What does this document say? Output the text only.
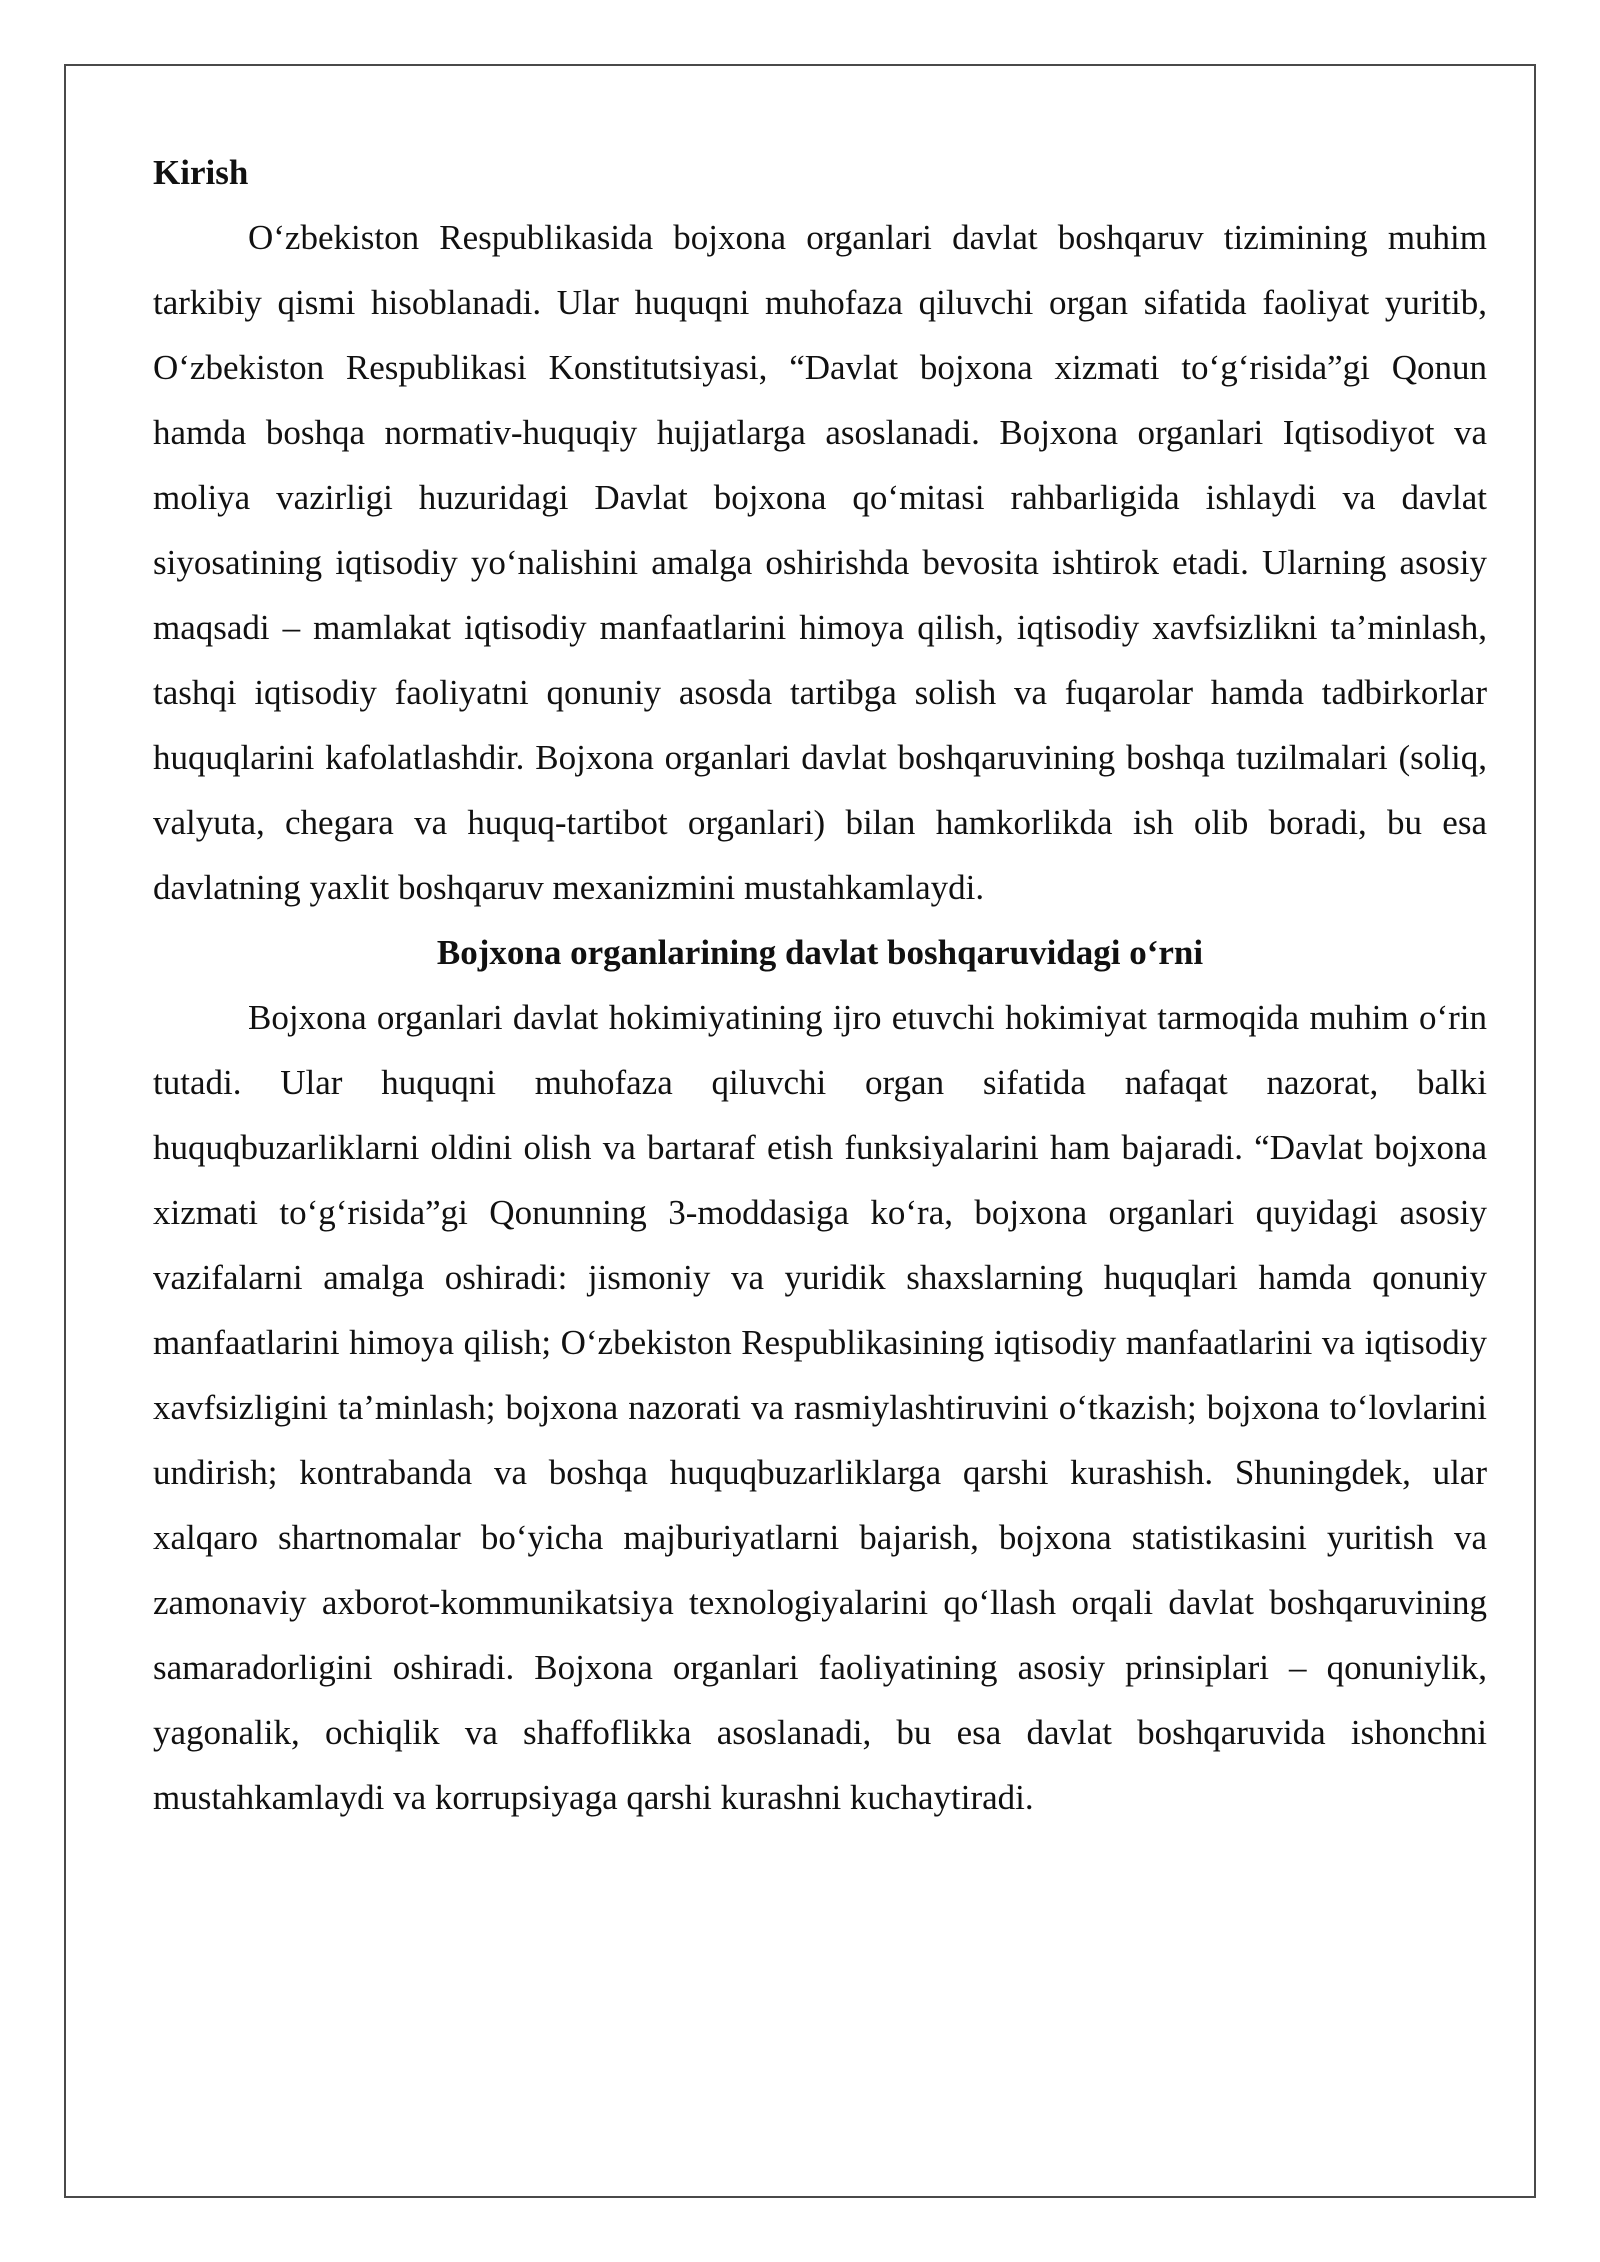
Kirish

O‘zbekiston Respublikasida bojxona organlari davlat boshqaruv tizimining muhim tarkibiy qismi hisoblanadi. Ular huquqni muhofaza qiluvchi organ sifatida faoliyat yuritib, O‘zbekiston Respublikasi Konstitutsiyasi, “Davlat bojxona xizmati to‘g‘risida”gi Qonun hamda boshqa normativ-huquqiy hujjatlarga asoslanadi. Bojxona organlari Iqtisodiyot va moliya vazirligi huzuridagi Davlat bojxona qo‘mitasi rahbarligida ishlaydi va davlat siyosatining iqtisodiy yo‘nalishini amalga oshirishda bevosita ishtirok etadi. Ularning asosiy maqsadi – mamlakat iqtisodiy manfaatlarini himoya qilish, iqtisodiy xavfsizlikni ta’minlash, tashqi iqtisodiy faoliyatni qonuniy asosda tartibga solish va fuqarolar hamda tadbirkorlar huquqlarini kafolatlashdir. Bojxona organlari davlat boshqaruvining boshqa tuzilmalari (soliq, valyuta, chegara va huquq-tartibot organlari) bilan hamkorlikda ish olib boradi, bu esa davlatning yaxlit boshqaruv mexanizmini mustahkamlaydi.

Bojxona organlarining davlat boshqaruvidagi o‘rni

Bojxona organlari davlat hokimiyatining ijro etuvchi hokimiyat tarmoqida muhim o‘rin tutadi. Ular huquqni muhofaza qiluvchi organ sifatida nafaqat nazorat, balki huquqbuzarliklarni oldini olish va bartaraf etish funksiyalarini ham bajaradi. “Davlat bojxona xizmati to‘g‘risida”gi Qonunning 3-moddasiga ko‘ra, bojxona organlari quyidagi asosiy vazifalarni amalga oshiradi: jismoniy va yuridik shaxslarning huquqlari hamda qonuniy manfaatlarini himoya qilish; O‘zbekiston Respublikasining iqtisodiy manfaatlarini va iqtisodiy xavfsizligini ta’minlash; bojxona nazorati va rasmiylashtiruvini o‘tkazish; bojxona to‘lovlarini undirish; kontrabanda va boshqa huquqbuzarliklarga qarshi kurashish. Shuningdek, ular xalqaro shartnomalar bo‘yicha majburiyatlarni bajarish, bojxona statistikasini yuritish va zamonaviy axborot-kommunikatsiya texnologiyalarini qo‘llash orqali davlat boshqaruvining samaradorligini oshiradi. Bojxona organlari faoliyatining asosiy prinsiplari – qonuniylik, yagonalik, ochiqlik va shaffoflikka asoslanadi, bu esa davlat boshqaruvida ishonchni mustahkamlaydi va korrupsiyaga qarshi kurashni kuchaytiradi.
